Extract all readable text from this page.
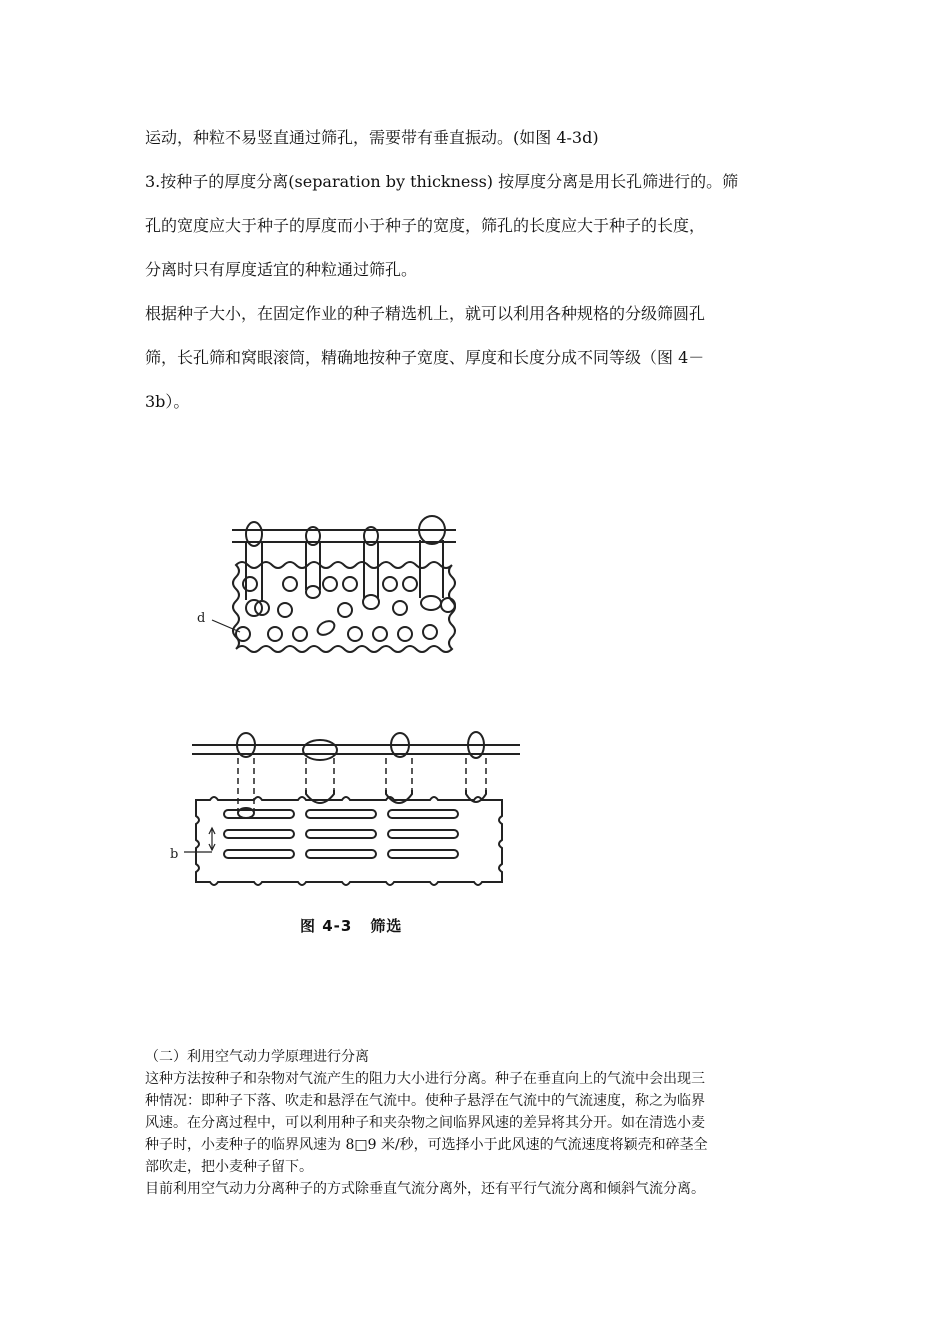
运动，种粒不易竖直通过筛孔，需要带有垂直振动。(如图 4-3d)

3.按种子的厚度分离(separation by thickness) 按厚度分离是用长孔筛进行的。筛
孔的宽度应大于种子的厚度而小于种子的宽度，筛孔的长度应大于种子的长度，
分离时只有厚度适宜的种粒通过筛孔。

根据种子大小，在固定作业的种子精选机上，就可以利用各种规格的分级筛圆孔
筛，长孔筛和窝眼滚筒，精确地按种子宽度、厚度和长度分成不同等级（图 4－
3b）。

d
b
图 4-3 筛选

（二）利用空气动力学原理进行分离

这种方法按种子和杂物对气流产生的阻力大小进行分离。种子在垂直向上的气流中会出现三
种情况：即种子下落、吹走和悬浮在气流中。使种子悬浮在气流中的气流速度，称之为临界
风速。在分离过程中，可以利用种子和夹杂物之间临界风速的差异将其分开。如在清选小麦
种子时，小麦种子的临界风速为 8□9 米/秒，可选择小于此风速的气流速度将颖壳和碎茎全
部吹走，把小麦种子留下。

目前利用空气动力分离种子的方式除垂直气流分离外，还有平行气流分离和倾斜气流分离。
